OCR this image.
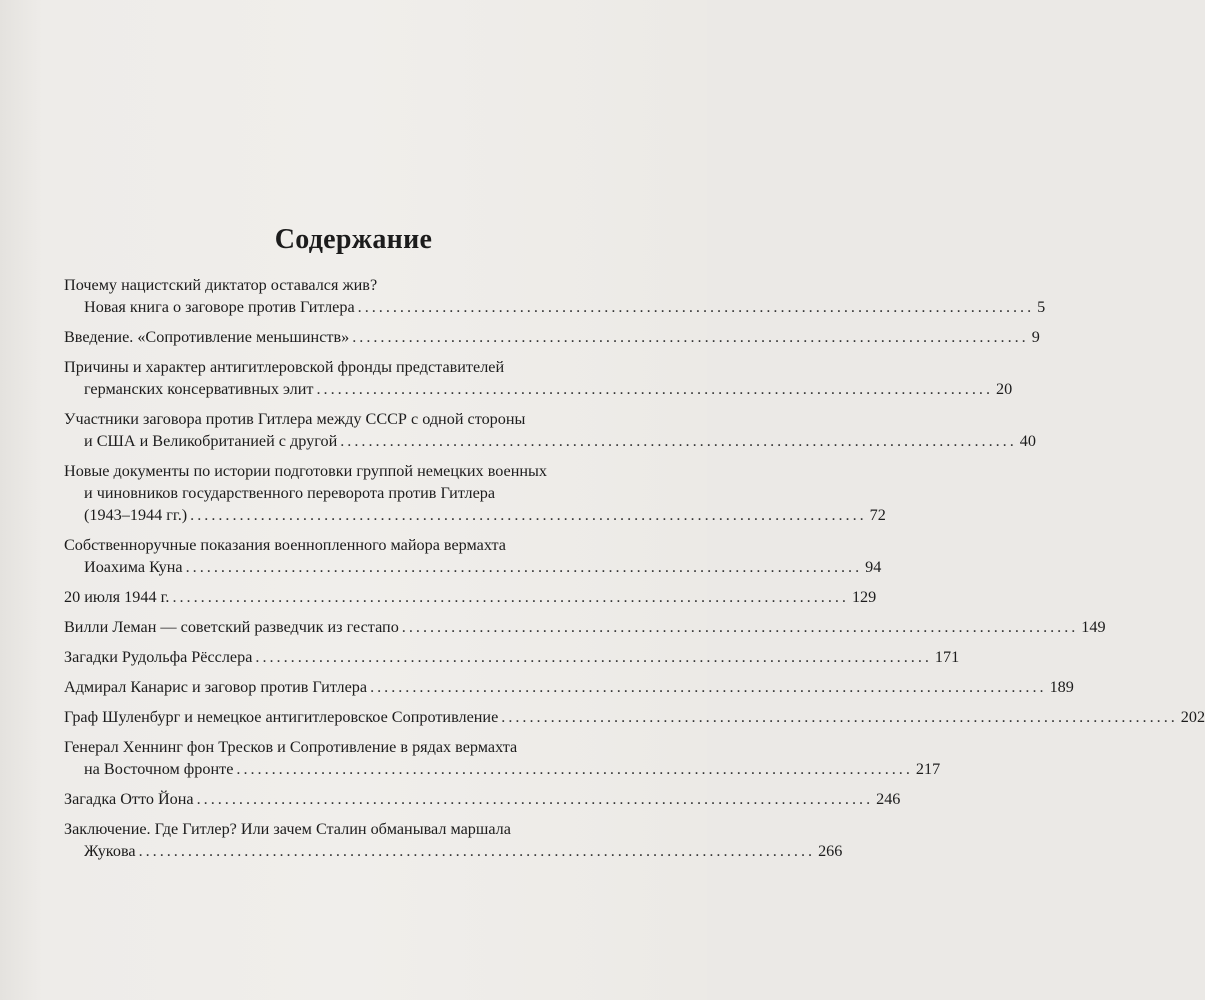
Содержание
Почему нацистский диктатор оставался жив?
Новая книга о заговоре против Гитлера ................................................................................................ 5
Введение. «Сопротивление меньшинств» ................................................................................................ 9
Причины и характер антигитлеровской фронды представителей
германских консервативных элит ................................................................................................ 20
Участники заговора против Гитлера между СССР с одной стороны
и США и Великобританией с другой ................................................................................................ 40
Новые документы по истории подготовки группой немецких военных
и чиновников государственного переворота против Гитлера
(1943–1944 гг.) ................................................................................................ 72
Собственноручные показания военнопленного майора вермахта
Иоахима Куна ................................................................................................ 94
20 июля 1944 г. ................................................................................................ 129
Вилли Леман — советский разведчик из гестапо ................................................................................................ 149
Загадки Рудольфа Рёсслера ................................................................................................ 171
Адмирал Канарис и заговор против Гитлера ................................................................................................ 189
Граф Шуленбург и немецкое антигитлеровское Сопротивление ................................................................................................ 202
Генерал Хеннинг фон Тресков и Сопротивление в рядах вермахта
на Восточном фронте ................................................................................................ 217
Загадка Отто Йона ................................................................................................ 246
Заключение. Где Гитлер? Или зачем Сталин обманывал маршала
Жукова ................................................................................................ 266
